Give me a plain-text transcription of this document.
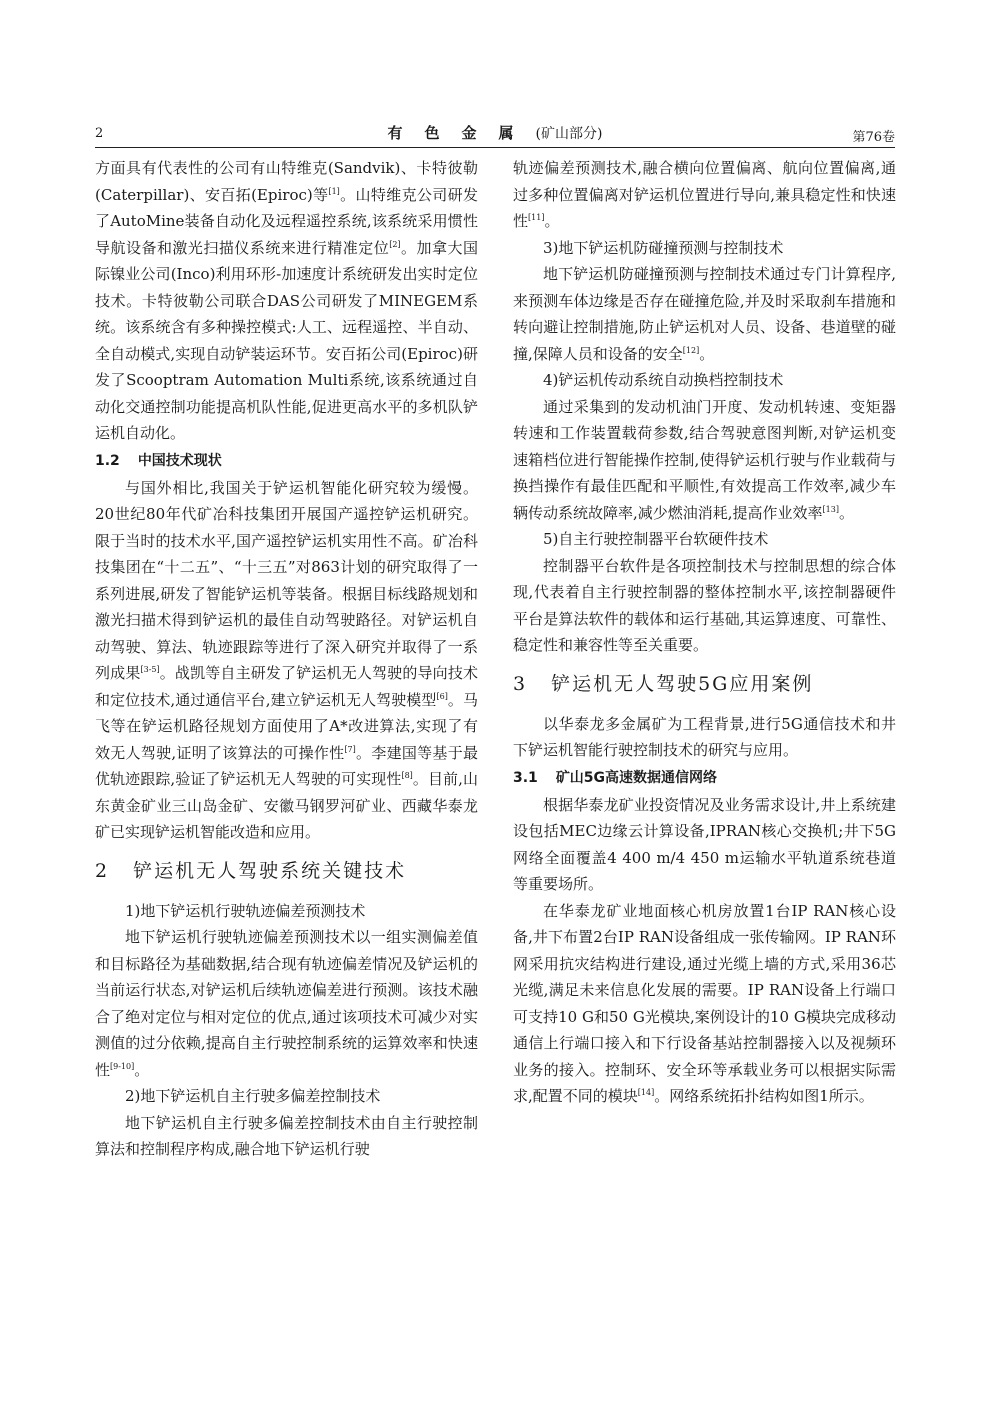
2	有色金属(矿山部分)	第76卷

方面具有代表性的公司有山特维克(Sandvik)、卡特彼勒(Caterpillar)、安百拓(Epiroc)等[1]。山特维克公司研发了AutoMine装备自动化及远程遥控系统,该系统采用惯性导航设备和激光扫描仪系统来进行精准定位[2]。加拿大国际镍业公司(Inco)利用环形-加速度计系统研发出实时定位技术。卡特彼勒公司联合DAS公司研发了MINEGEM系统。该系统含有多种操控模式:人工、远程遥控、半自动、全自动模式,实现自动铲装运环节。安百拓公司(Epiroc)研发了Scooptram Automation Multi系统,该系统通过自动化交通控制功能提高机队性能,促进更高水平的多机队铲运机自动化。

1.2 中国技术现状

与国外相比,我国关于铲运机智能化研究较为缓慢。20世纪80年代矿冶科技集团开展国产遥控铲运机研究。限于当时的技术水平,国产遥控铲运机实用性不高。矿冶科技集团在“十二五”、“十三五”对863计划的研究取得了一系列进展,研发了智能铲运机等装备。根据目标线路规划和激光扫描术得到铲运机的最佳自动驾驶路径。对铲运机自动驾驶、算法、轨迹跟踪等进行了深入研究并取得了一系列成果[3-5]。战凯等自主研发了铲运机无人驾驶的导向技术和定位技术,通过通信平台,建立铲运机无人驾驶模型[6]。马飞等在铲运机路径规划方面使用了A*改进算法,实现了有效无人驾驶,证明了该算法的可操作性[7]。李建国等基于最优轨迹跟踪,验证了铲运机无人驾驶的可实现性[8]。目前,山东黄金矿业三山岛金矿、安徽马钢罗河矿业、西藏华泰龙矿已实现铲运机智能改造和应用。

2 铲运机无人驾驶系统关键技术

1)地下铲运机行驶轨迹偏差预测技术

地下铲运机行驶轨迹偏差预测技术以一组实测偏差值和目标路径为基础数据,结合现有轨迹偏差情况及铲运机的当前运行状态,对铲运机后续轨迹偏差进行预测。该技术融合了绝对定位与相对定位的优点,通过该项技术可减少对实测值的过分依赖,提高自主行驶控制系统的运算效率和快速性[9-10]。

2)地下铲运机自主行驶多偏差控制技术

地下铲运机自主行驶多偏差控制技术由自主行驶控制算法和控制程序构成,融合地下铲运机行驶

轨迹偏差预测技术,融合横向位置偏离、航向位置偏离,通过多种位置偏离对铲运机位置进行导向,兼具稳定性和快速性[11]。

3)地下铲运机防碰撞预测与控制技术

地下铲运机防碰撞预测与控制技术通过专门计算程序,来预测车体边缘是否存在碰撞危险,并及时采取刹车措施和转向避让控制措施,防止铲运机对人员、设备、巷道壁的碰撞,保障人员和设备的安全[12]。

4)铲运机传动系统自动换档控制技术

通过采集到的发动机油门开度、发动机转速、变矩器转速和工作装置载荷参数,结合驾驶意图判断,对铲运机变速箱档位进行智能操作控制,使得铲运机行驶与作业载荷与换挡操作有最佳匹配和平顺性,有效提高工作效率,减少车辆传动系统故障率,减少燃油消耗,提高作业效率[13]。

5)自主行驶控制器平台软硬件技术

控制器平台软件是各项控制技术与控制思想的综合体现,代表着自主行驶控制器的整体控制水平,该控制器硬件平台是算法软件的载体和运行基础,其运算速度、可靠性、稳定性和兼容性等至关重要。

3 铲运机无人驾驶5G应用案例

以华泰龙多金属矿为工程背景,进行5G通信技术和井下铲运机智能行驶控制技术的研究与应用。

3.1 矿山5G高速数据通信网络

根据华泰龙矿业投资情况及业务需求设计,井上系统建设包括MEC边缘云计算设备,IPRAN核心交换机;井下5G网络全面覆盖4 400 m/4 450 m运输水平轨道系统巷道等重要场所。

在华泰龙矿业地面核心机房放置1台IP RAN核心设备,井下布置2台IP RAN设备组成一张传输网。IP RAN环网采用抗灾结构进行建设,通过光缆上墙的方式,采用36芯光缆,满足未来信息化发展的需要。IP RAN设备上行端口可支持10 G和50 G光模块,案例设计的10 G模块完成移动通信上行端口接入和下行设备基站控制器接入以及视频环业务的接入。控制环、安全环等承载业务可以根据实际需求,配置不同的模块[14]。网络系统拓扑结构如图1所示。
